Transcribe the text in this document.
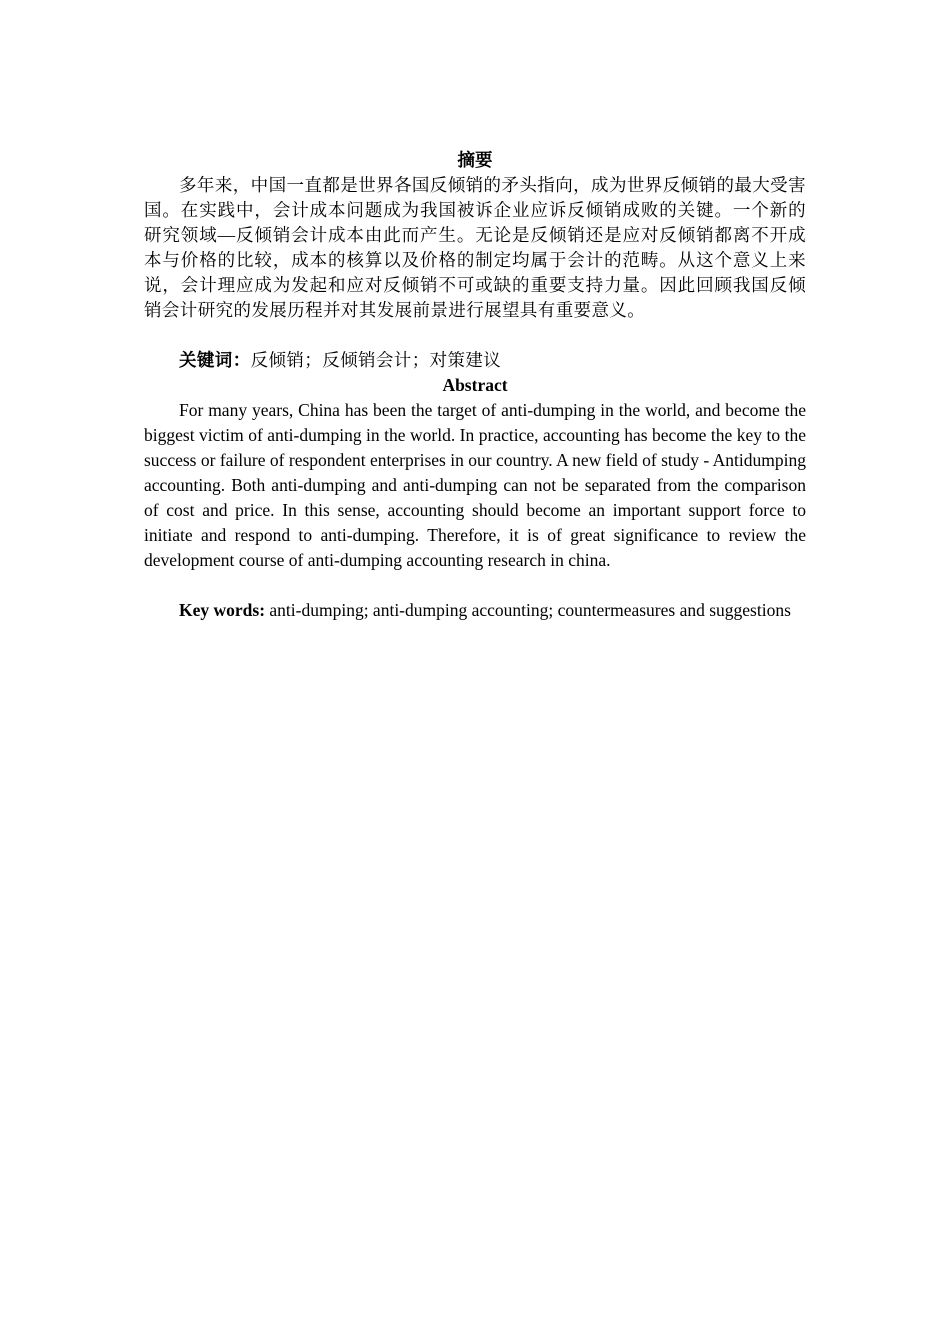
摘要

多年来，中国一直都是世界各国反倾销的矛头指向，成为世界反倾销的最大受害国。在实践中，会计成本问题成为我国被诉企业应诉反倾销成败的关键。一个新的研究领域—反倾销会计成本由此而产生。无论是反倾销还是应对反倾销都离不开成本与价格的比较，成本的核算以及价格的制定均属于会计的范畴。从这个意义上来说，会计理应成为发起和应对反倾销不可或缺的重要支持力量。因此回顾我国反倾销会计研究的发展历程并对其发展前景进行展望具有重要意义。

关键词：反倾销；反倾销会计；对策建议

Abstract

For many years, China has been the target of anti-dumping in the world, and become the biggest victim of anti-dumping in the world. In practice, accounting has become the key to the success or failure of respondent enterprises in our country. A new field of study - Antidumping accounting. Both anti-dumping and anti-dumping can not be separated from the comparison of cost and price. In this sense, accounting should become an important support force to initiate and respond to anti-dumping. Therefore, it is of great significance to review the development course of anti-dumping accounting research in china.

Key words: anti-dumping; anti-dumping accounting; countermeasures and suggestions
